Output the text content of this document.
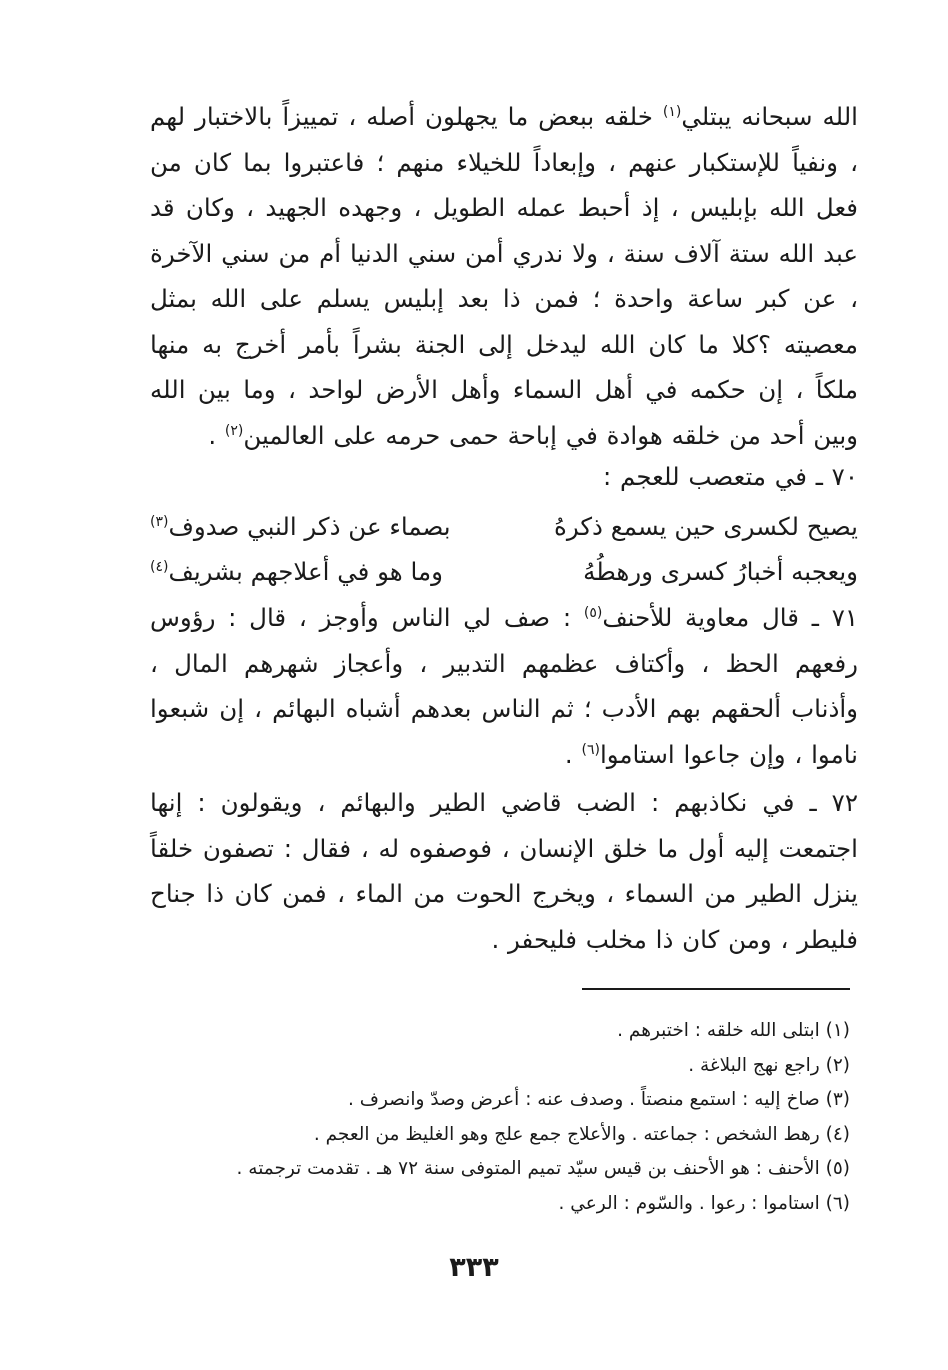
الله سبحانه يبتلي$^{(١)}$ خلقه ببعض ما يجهلون أصله ، تمييزاً بالاختبار لهم ، ونفياً للإستكبار عنهم ، وإبعاداً للخيلاء منهم ؛ فاعتبروا بما كان من فعل الله بإبليس ، إذ أحبط عمله الطويل ، وجهده الجهيد ، وكان قد عبد الله ستة آلاف سنة ، ولا ندري أمن سني الدنيا أم من سني الآخرة ، عن كبر ساعة واحدة ؛ فمن ذا بعد إبليس يسلم على الله بمثل معصيته ؟كلا ما كان الله ليدخل إلى الجنة بشراً بأمر أخرج به منها ملكاً ، إن حكمه في أهل السماء وأهل الأرض لواحد ، وما بين الله وبين أحد من خلقه هوادة في إباحة حمى حرمه على العالمين$^{(٢)}$ .

٧٠ ـ في متعصب للعجم :

يصيح لكسرى حين يسمع ذكرهُ
بصماء عن ذكر النبي صدوف$^{(٣)}$
ويعجبه أخبارُ كسرى ورهطُهُ
وما هو في أعلاجهم بشريف$^{(٤)}$

٧١ ـ قال معاوية للأحنف$^{(٥)}$ : صف لي الناس وأوجز ، قال : رؤوس رفعهم الحظ ، وأكتاف عظمهم التدبير ، وأعجاز شهرهم المال ، وأذناب ألحقهم بهم الأدب ؛ ثم الناس بعدهم أشباه البهائم ، إن شبعوا ناموا ، وإن جاعوا استاموا$^{(٦)}$ .

٧٢ ـ في نكاذبهم : الضب قاضي الطير والبهائم ، ويقولون : إنها اجتمعت إليه أول ما خلق الإنسان ، فوصفوه له ، فقال : تصفون خلقاً ينزل الطير من السماء ، ويخرج الحوت من الماء ، فمن كان ذا جناح فليطر ، ومن كان ذا مخلب فليحفر .

(١) ابتلى الله خلقه : اختبرهم .
(٢) راجع نهج البلاغة .
(٣) صاخ إليه : استمع منصتاً . وصدف عنه : أعرض وصدّ وانصرف .
(٤) رهط الشخص : جماعته . والأعلاج جمع علج وهو الغليظ من العجم .
(٥) الأحنف : هو الأحنف بن قيس سيّد تميم المتوفى سنة ٧٢ هـ . تقدمت ترجمته .
(٦) استاموا : رعوا . والسّوم : الرعي .
٣٣٣
